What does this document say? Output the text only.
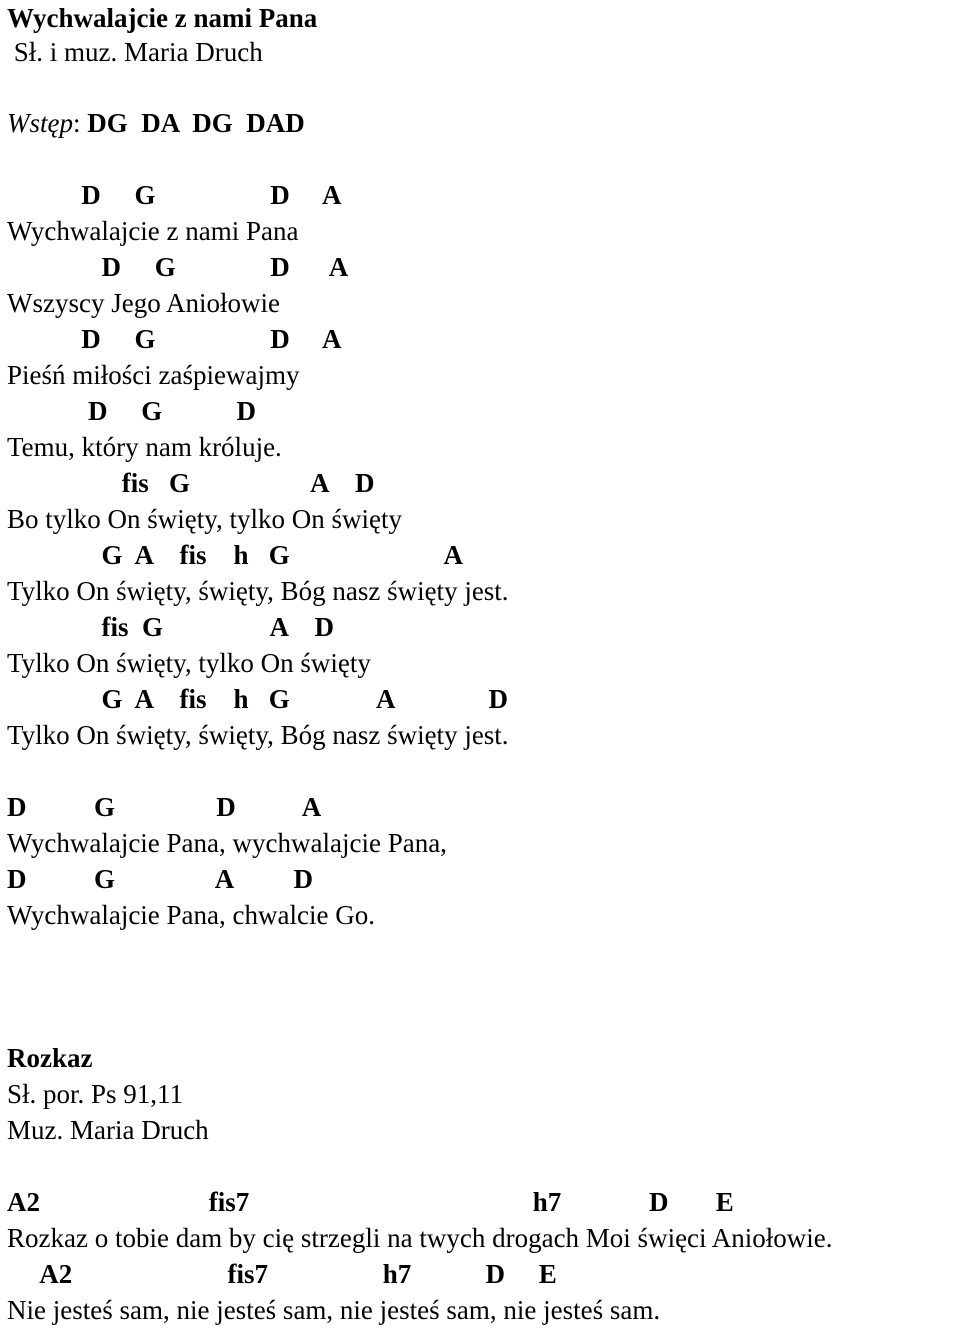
Wychwalajcie z nami Pana
Sł. i muz. Maria Druch
Wstęp: DG  DA  DG  DAD
D     G                 D     A
Wychwalajcie z nami Pana
D     G              D      A
Wszyscy Jego Aniołowie
D     G                 D     A
Pieśń miłości zaśpiewajmy
D     G           D
Temu, który nam króluje.
fis   G                  A    D
Bo tylko On święty, tylko On święty
G  A    fis    h   G                       A
Tylko On święty, święty, Bóg nasz święty jest.
fis  G                A    D
Tylko On święty, tylko On święty
G  A    fis    h   G             A              D
Tylko On święty, święty, Bóg nasz święty jest.
D          G               D          A
Wychwalajcie Pana, wychwalajcie Pana,
D          G               A         D
Wychwalajcie Pana, chwalcie Go.
Rozkaz
Sł. por. Ps 91,11
Muz. Maria Druch
A2                         fis7                                          h7             D       E
Rozkaz o tobie dam by cię strzegli na twych drogach Moi święci Aniołowie.
A2                       fis7                 h7           D     E
Nie jesteś sam, nie jesteś sam, nie jesteś sam, nie jesteś sam.
